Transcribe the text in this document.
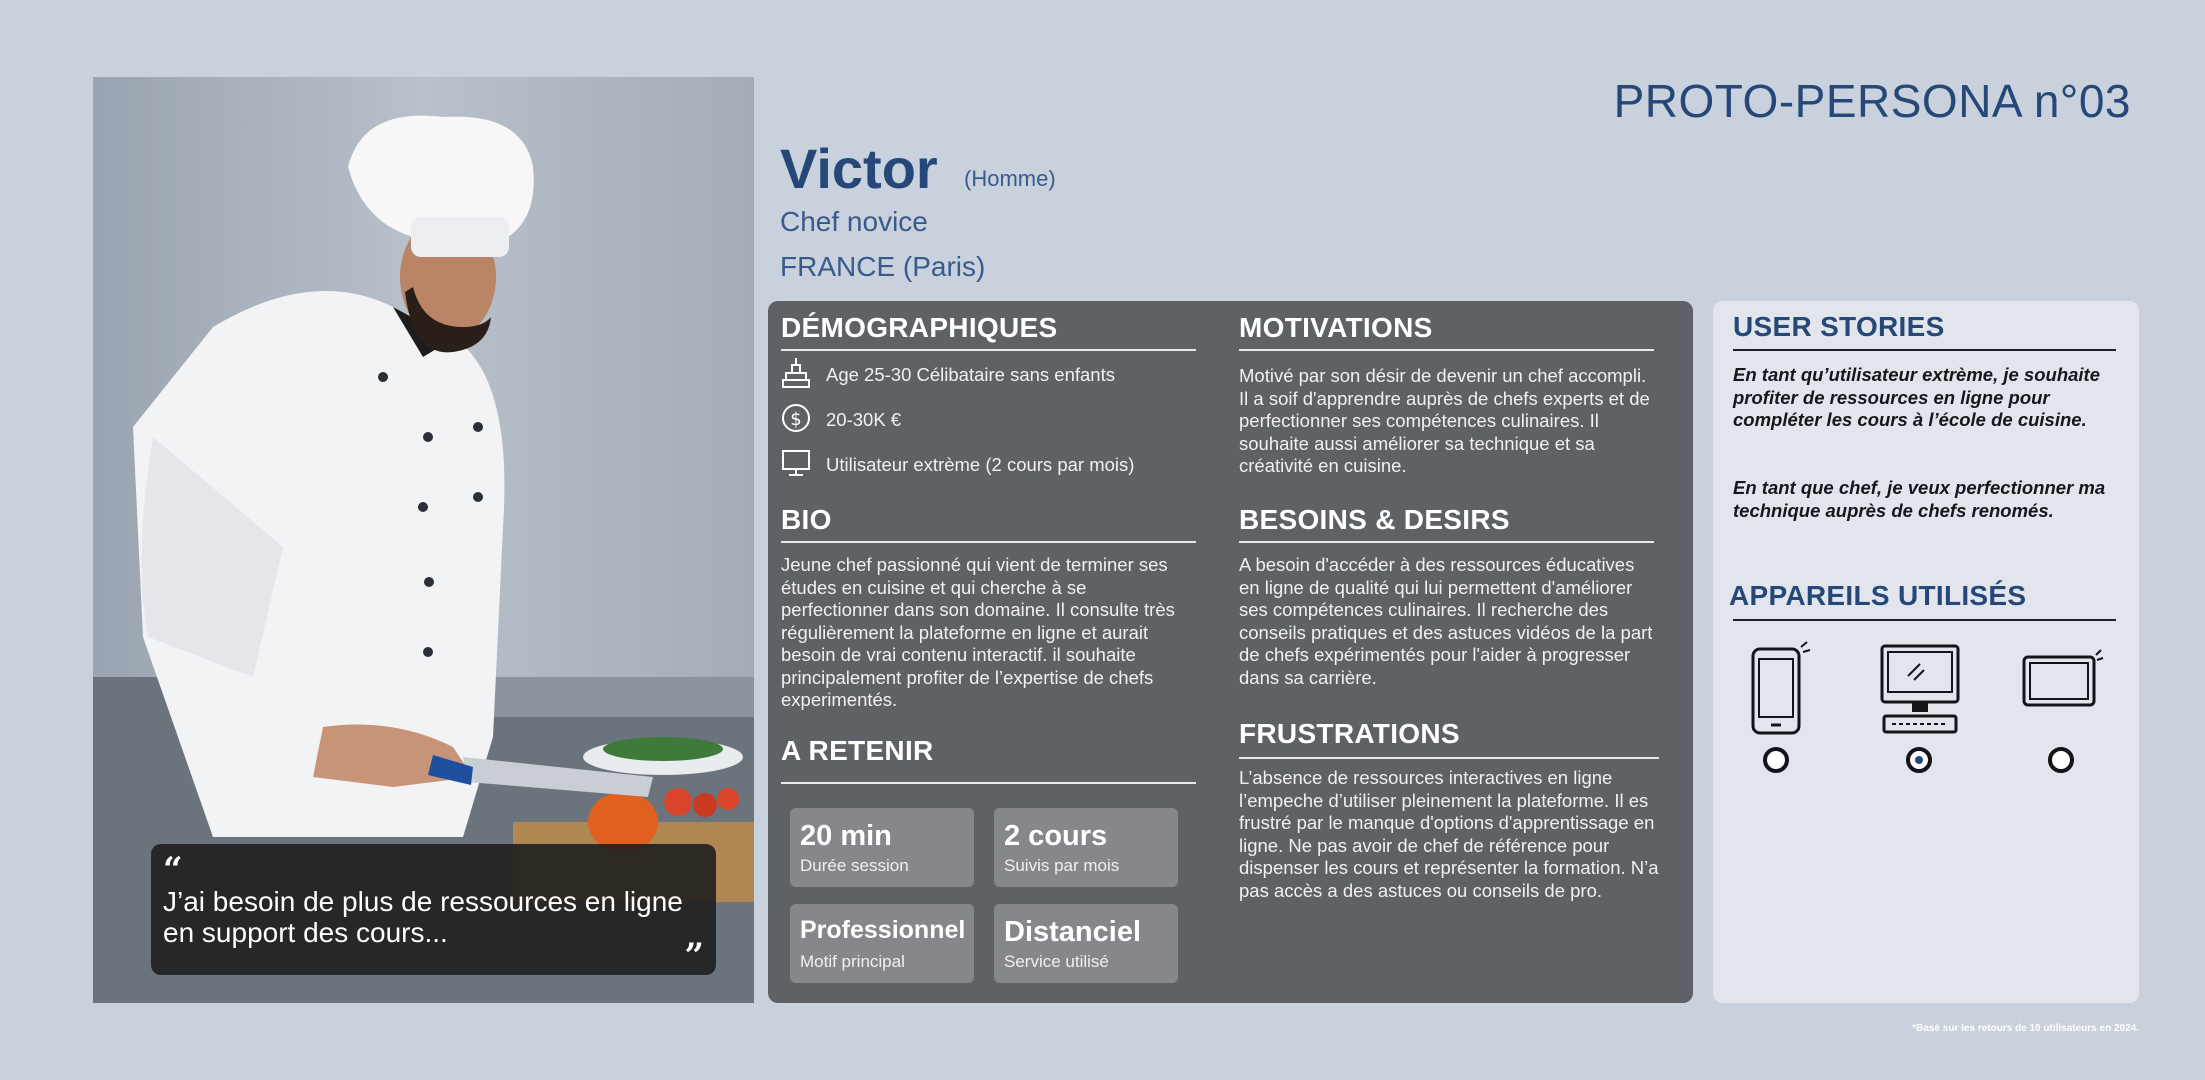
“
J’ai besoin de plus de ressources en ligne en support des cours...
”
PROTO-PERSONA n°03
Victor (Homme)
Chef novice
FRANCE (Paris)
DÉMOGRAPHIQUES
Age 25-30 Célibataire sans enfants
$ 20-30K €
Utilisateur extrème (2 cours par mois)
BIO
Jeune chef passionné qui vient de terminer ses études en cuisine et qui cherche à se perfectionner dans son domaine. Il consulte très régulièrement la plateforme en ligne et aurait besoin de vrai contenu interactif. il souhaite principalement profiter de l’expertise de chefs experimentés.
A RETENIR
20 min
Durée session
2 cours
Suivis par mois
Professionnel
Motif principal
Distanciel
Service utilisé
MOTIVATIONS
Motivé par son désir de devenir un chef accompli. Il a soif d'apprendre auprès de chefs experts et de perfectionner ses compétences culinaires. Il souhaite aussi améliorer sa technique et sa créativité en cuisine.
BESOINS & DESIRS
A besoin d'accéder à des ressources éducatives en ligne de qualité qui lui permettent d'améliorer ses compétences culinaires. Il recherche des conseils pratiques et des astuces vidéos de la part de chefs expérimentés pour l'aider à progresser dans sa carrière.
FRUSTRATIONS
L’absence de ressources interactives en ligne l’empeche d’utiliser pleinement la plateforme. Il es frustré par le manque d'options d'apprentissage en ligne. Ne pas avoir de chef de référence pour dispenser les cours et représenter la formation. N’a pas accès a des astuces ou conseils de pro.
USER STORIES
En tant qu’utilisateur extrème, je souhaite profiter de ressources en ligne pour compléter les cours à l’école de cuisine.
En tant que chef, je veux perfectionner ma technique auprès de chefs renomés.
APPAREILS UTILISÉS
*Basé sur les retours de 10 utilisateurs en 2024.
